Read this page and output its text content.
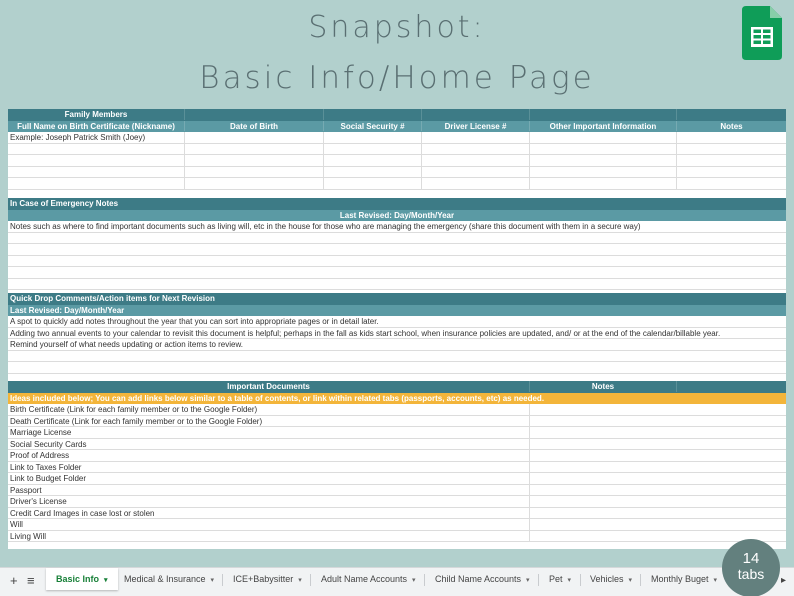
Snapshot:
Basic Info/Home Page
Family Members
Full Name on Birth Certificate (Nickname)	Date of Birth	Social Security #	Driver License #	Other Important Information	Notes
Example: Joseph Patrick Smith (Joey)
In Case of Emergency Notes
Last Revised: Day/Month/Year
Notes such as where to find important documents such as living will, etc in the house for those who are managing the emergency (share this document with them in a secure way)
Quick Drop Comments/Action items for Next Revision
Last Revised: Day/Month/Year
A spot to quickly add notes throughout the year that you can sort into appropriate pages or in detail later.
Adding two annual events to your calendar to revisit this document is helpful; perhaps in the fall as kids start school, when insurance policies are updated, and/ or at the end of the calendar/billable year.
Remind yourself of what needs updating or action items to review.
Important Documents	Notes
Ideas included below; You can add links below similar to a table of contents, or link within related tabs (passports, accounts, etc) as needed.
Birth Certificate (Link for each family member or to the Google Folder)
Death Certificate (Link for each family member or to the Google Folder)
Marriage License
Social Security Cards
Proof of Address
Link to Taxes Folder
Link to Budget Folder
Passport
Driver's License
Credit Card Images in case lost or stolen
Will
Living Will
+ ≡	Basic Info ▾	Medical & Insurance ▾ ICE+Babysitter ▾ Adult Name Accounts ▾ Child Name Accounts ▾ Pet ▾ Vehicles ▾ Monthly Buget ▾	▸
14
tabs
